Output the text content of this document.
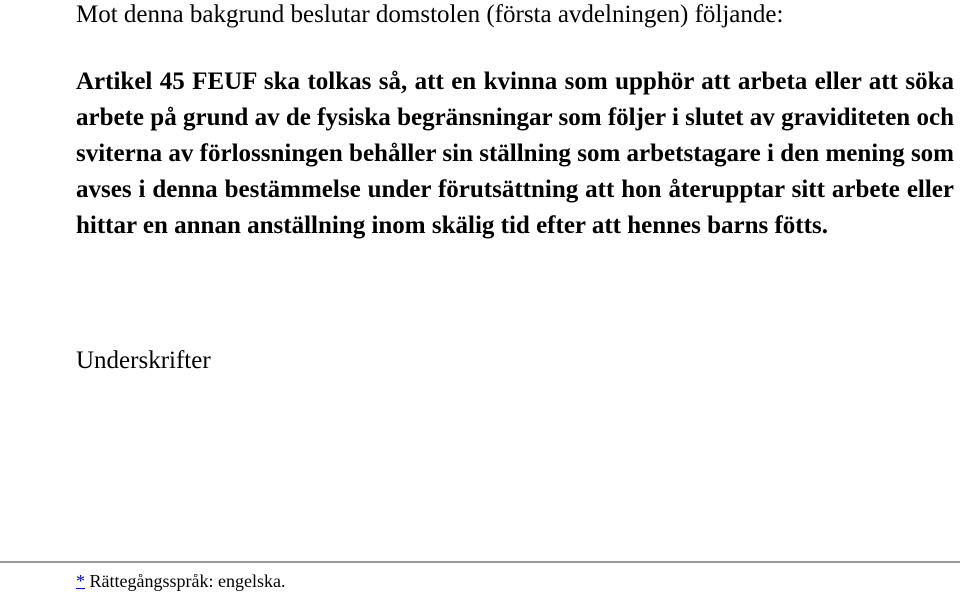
Mot denna bakgrund beslutar domstolen (första avdelningen) följande:
Artikel 45 FEUF ska tolkas så, att en kvinna som upphör att arbeta eller att söka arbete på grund av de fysiska begränsningar som följer i slutet av graviditeten och sviterna av förlossningen behåller sin ställning som arbetstagare i den mening som avses i denna bestämmelse under förutsättning att hon återupptar sitt arbete eller hittar en annan anställning inom skälig tid efter att hennes barns fötts.
Underskrifter
* Rättegångsspråk: engelska.
